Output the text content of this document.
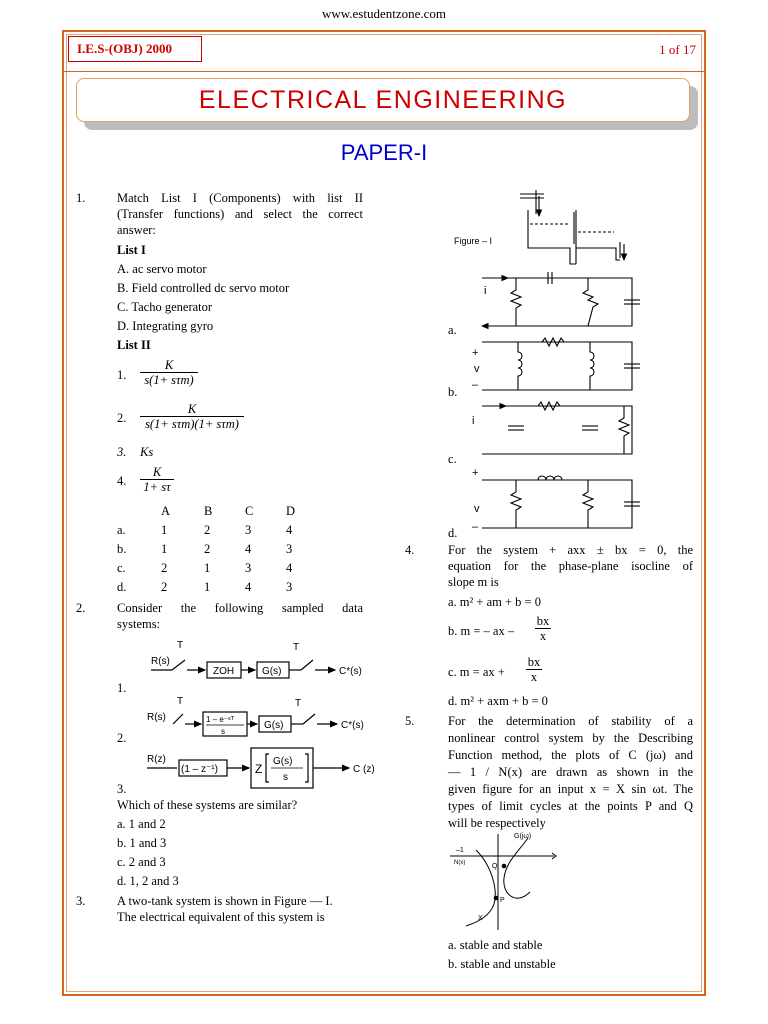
www.estudentzone.com
I.E.S-(OBJ) 2000	1 of 17
ELECTRICAL ENGINEERING
PAPER-I
1.	Match List I (Components) with list II
(Transfer functions) and select the correct
answer:
List I
A. ac servo motor
B. Field controlled dc servo motor
C. Tacho generator
D. Integrating gyro
List II
1.
K
s(1+ sτm)
2.
K
s(1+ sτm)(1+ sτm)
3. Ks
4. $\frac{K}{1+ s\tau}$
A	B	C	D
a.	1	2	3	4
b.	1	2	4	3
c.	2	1	3	4
d.	2	1	4	3
2.	Consider the following sampled data
systems:
T	T
R(s)
ZOH	G(s)	C*(s)
T	T
R(s)	1 – e⁻ˢᵀ
s
G(s)	C*(s)
R(z)
(1 – z⁻¹)	Z
G(s)
s
C (z)
1.
2.
3.
Which of these systems are similar?
a. 1 and 2
b. 1 and 3
c. 2 and 3
d. 1, 2 and 3
3.	A two-tank system is shown in Figure — I.
The electrical equivalent of this system is
Figure – I
i
+
v
–
i
+
v
–
a.
b.
c.
d.
4.	For the system + axx ± bx = 0, the
equation for the phase-plane isocline of
slope m is
a. m² + am + b = 0
b. m = – ax – $\frac{bx}{x}$
c. m = ax + $\frac{bx}{x}$
d. m² + axm + b = 0
5.	For the determination of stability of a
nonlinear control system by the Describing
Function method, the plots of C (jω) and
— 1 / N(x) are drawn as shown in the
given figure for an input x = X sin ωt. The
types of limit cycles at the points P and Q
will be respectively
G(jω)
–1
N(x)	Q
P
X
a. stable and stable
b. stable and unstable
